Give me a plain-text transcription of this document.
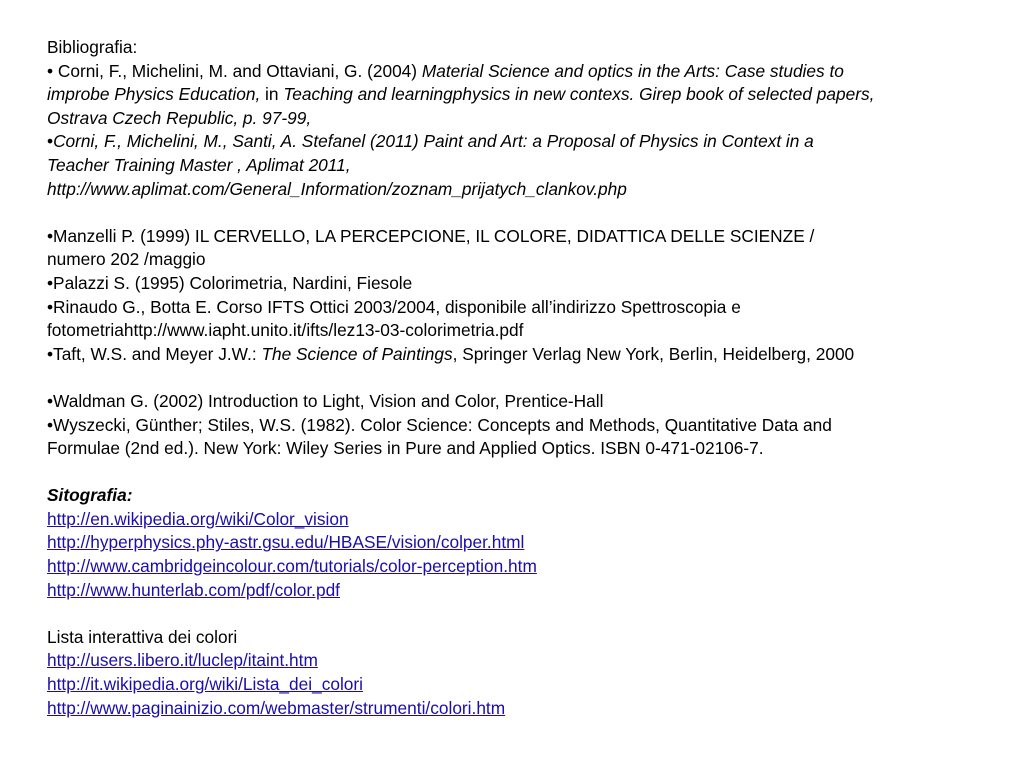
Bibliografia:
• Corni, F., Michelini, M. and Ottaviani, G. (2004) Material Science and optics in the Arts: Case studies to
improbe Physics Education, in Teaching and learningphysics in new contexs. Girep book of selected papers,
Ostrava Czech Republic, p. 97-99,
•Corni, F., Michelini, M., Santi, A. Stefanel (2011) Paint and Art: a Proposal of Physics in Context in a
Teacher Training Master , Aplimat 2011,
http://www.aplimat.com/General_Information/zoznam_prijatych_clankov.php
•Manzelli P. (1999) IL CERVELLO, LA PERCEPCIONE, IL COLORE, DIDATTICA DELLE SCIENZE /
numero 202 /maggio
•Palazzi S. (1995) Colorimetria, Nardini, Fiesole
•Rinaudo G., Botta E. Corso IFTS Ottici 2003/2004, disponibile all’indirizzo Spettroscopia e
fotometriahttp://www.iapht.unito.it/ifts/lez13-03-colorimetria.pdf
•Taft, W.S. and Meyer J.W.: The Science of Paintings, Springer Verlag New York, Berlin, Heidelberg, 2000
•Waldman G. (2002) Introduction to Light, Vision and Color, Prentice-Hall
•Wyszecki, Günther; Stiles, W.S. (1982). Color Science: Concepts and Methods, Quantitative Data and
Formulae (2nd ed.). New York: Wiley Series in Pure and Applied Optics. ISBN 0-471-02106-7.
Sitografia:
http://en.wikipedia.org/wiki/Color_vision
http://hyperphysics.phy-astr.gsu.edu/HBASE/vision/colper.html
http://www.cambridgeincolour.com/tutorials/color-perception.htm
http://www.hunterlab.com/pdf/color.pdf
Lista interattiva dei colori
http://users.libero.it/luclep/itaint.htm
http://it.wikipedia.org/wiki/Lista_dei_colori
http://www.paginainizio.com/webmaster/strumenti/colori.htm
